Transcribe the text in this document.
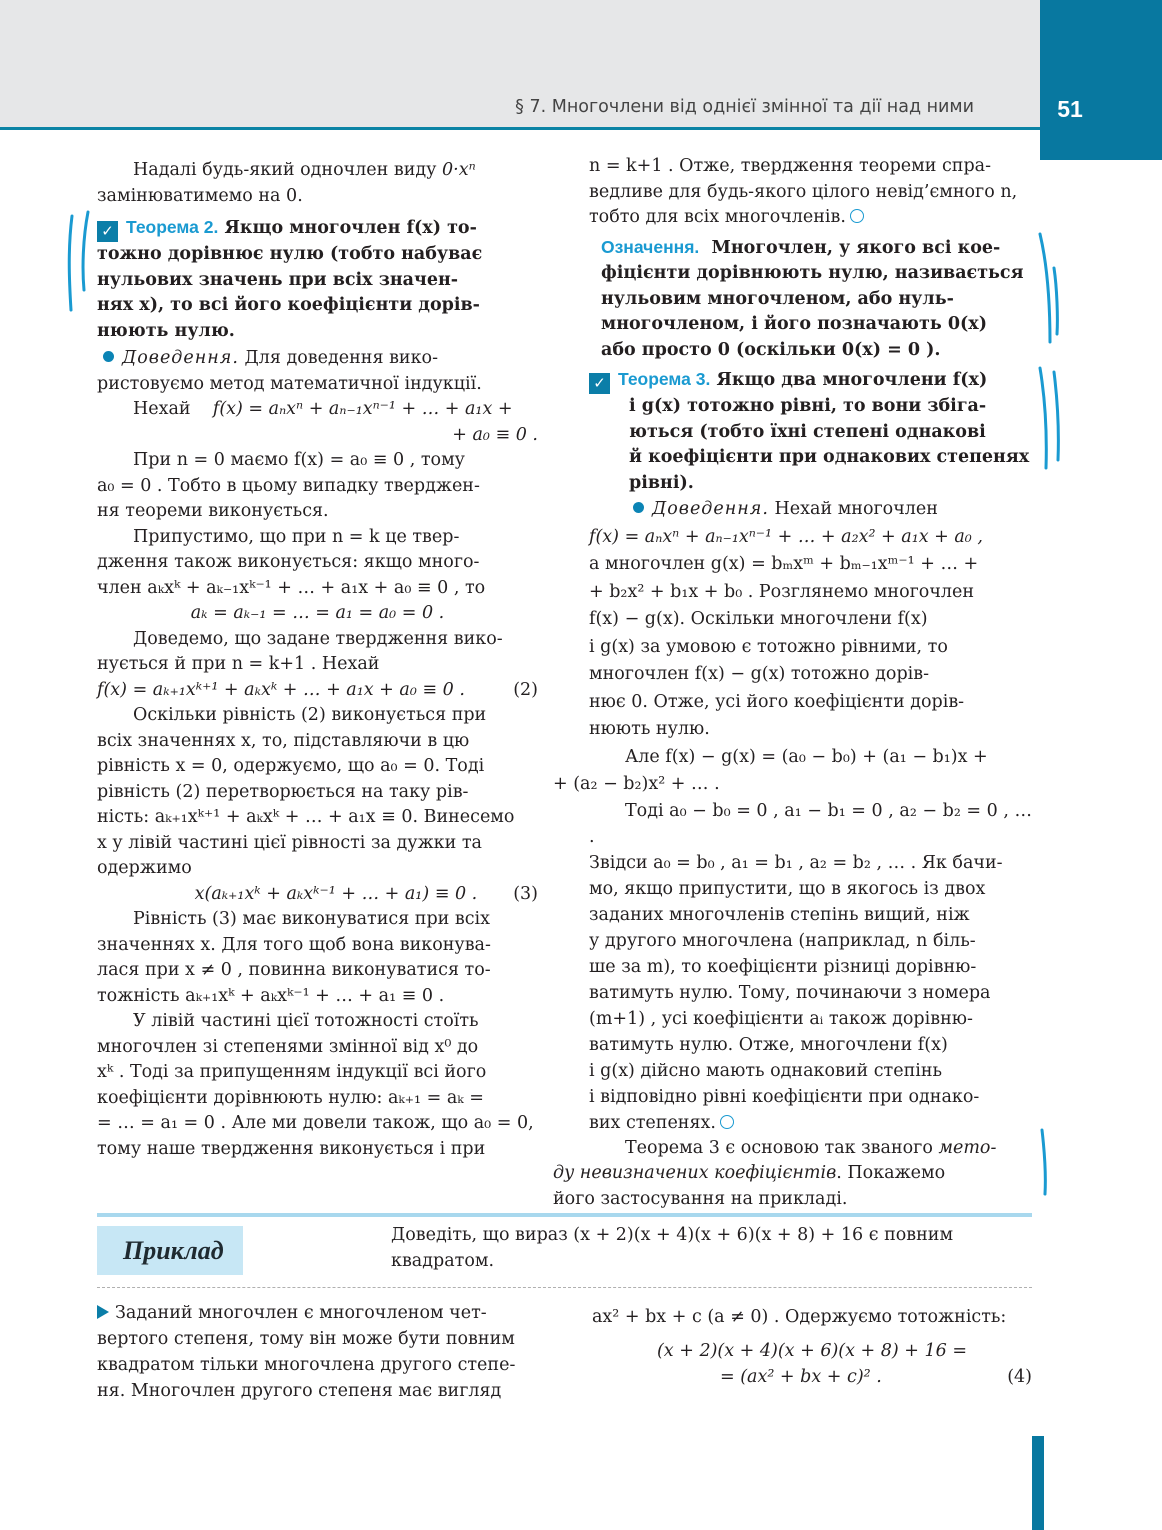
51
§ 7. Многочлени від однієї змінної та дії над ними

Надалі будь-який одночлен виду 0·xⁿ
замінюватимемо на 0.

✓ Теорема 2. Якщо многочлен f(x) то-
тожно дорівнює нулю (тобто набуває
нульових значень при всіх значен-
нях x), то всі його коефіцієнти дорів-
нюють нулю.

Доведення. Для доведення вико-
ристовуємо метод математичної індукції.

Нехай f(x) = aₙxⁿ + aₙ₋₁xⁿ⁻¹ + … + a₁x +

+ a₀ ≡ 0 .

При n = 0 маємо f(x) = a₀ ≡ 0 , тому
a₀ = 0 . Тобто в цьому випадку тверджен-
ня теореми виконується.

Припустимо, що при n = k це твер-
дження також виконується: якщо много-
член aₖxᵏ + aₖ₋₁xᵏ⁻¹ + … + a₁x + a₀ ≡ 0 , то

aₖ = aₖ₋₁ = … = a₁ = a₀ = 0 .

Доведемо, що задане твердження вико-
нується й при n = k+1 . Нехай

f(x) = aₖ₊₁xᵏ⁺¹ + aₖxᵏ + … + a₁x + a₀ ≡ 0 .	(2)

Оскільки рівність (2) виконується при
всіх значеннях x, то, підставляючи в цю
рівність x = 0, одержуємо, що a₀ = 0. Тоді
рівність (2) перетворюється на таку рів-
ність: aₖ₊₁xᵏ⁺¹ + aₖxᵏ + … + a₁x ≡ 0. Винесемо
x у лівій частині цієї рівності за дужки та
одержимо

x(aₖ₊₁xᵏ + aₖxᵏ⁻¹ + … + a₁) ≡ 0 . (3)

Рівність (3) має виконуватися при всіх
значеннях x. Для того щоб вона виконува-
лася при x ≠ 0 , повинна виконуватися то-
тожність aₖ₊₁xᵏ + aₖxᵏ⁻¹ + … + a₁ ≡ 0 .

У лівій частині цієї тотожності стоїть
многочлен зі степенями змінної від x⁰ до
xᵏ . Тоді за припущенням індукції всі його
коефіцієнти дорівнюють нулю: aₖ₊₁ = aₖ =
= … = a₁ = 0 . Але ми довели також, що a₀ = 0,
тому наше твердження виконується і при

n = k+1 . Отже, твердження теореми спра-
ведливе для будь-якого цілого невід’ємного n,
тобто для всіх многочленів.

Означення. Многочлен, у якого всі кое-
фіцієнти дорівнюють нулю, називається
нульовим многочленом, або нуль-
многочленом, і його позначають 0(x)
або просто 0 (оскільки 0(x) = 0 ).

✓ Теорема 3. Якщо два многочлени f(x)
і g(x) тотожно рівні, то вони збіга-
ються (тобто їхні степені однакові
й коефіцієнти при однакових степенях
рівні).

Доведення. Нехай многочлен
f(x) = aₙxⁿ + aₙ₋₁xⁿ⁻¹ + … + a₂x² + a₁x + a₀ ,
а многочлен g(x) = bₘxᵐ + bₘ₋₁xᵐ⁻¹ + … +
+ b₂x² + b₁x + b₀ . Розглянемо многочлен
f(x) − g(x). Оскільки многочлени f(x)
і g(x) за умовою є тотожно рівними, то
многочлен f(x) − g(x) тотожно дорів-
нює 0. Отже, усі його коефіцієнти дорів-
нюють нулю.

Але f(x) − g(x) = (a₀ − b₀) + (a₁ − b₁)x +
+ (a₂ − b₂)x² + … .

Тоді a₀ − b₀ = 0 , a₁ − b₁ = 0 , a₂ − b₂ = 0 , … .
Звідси a₀ = b₀ , a₁ = b₁ , a₂ = b₂ , … . Як бачи-
мо, якщо припустити, що в якогось із двох
заданих многочленів степінь вищий, ніж
у другого многочлена (наприклад, n біль-
ше за m), то коефіцієнти різниці дорівню-
ватимуть нулю. Тому, починаючи з номера
(m+1) , усі коефіцієнти aᵢ також дорівню-
ватимуть нулю. Отже, многочлени f(x)
і g(x) дійсно мають однаковий степінь
і відповідно рівні коефіцієнти при однако-
вих степенях.

Теорема 3 є основою так званого мето-
ду невизначених коефіцієнтів. Покажемо
його застосування на прикладі.

Приклад
Доведіть, що вираз (x + 2)(x + 4)(x + 6)(x + 8) + 16 є повним
квадратом.

Заданий многочлен є многочленом чет-
вертого степеня, тому він може бути повним
квадратом тільки многочлена другого степе-
ня. Многочлен другого степеня має вигляд

ax² + bx + c (a ≠ 0) . Одержуємо тотожність:

(x + 2)(x + 4)(x + 6)(x + 8) + 16 =

= (ax² + bx + c)² .	(4)
